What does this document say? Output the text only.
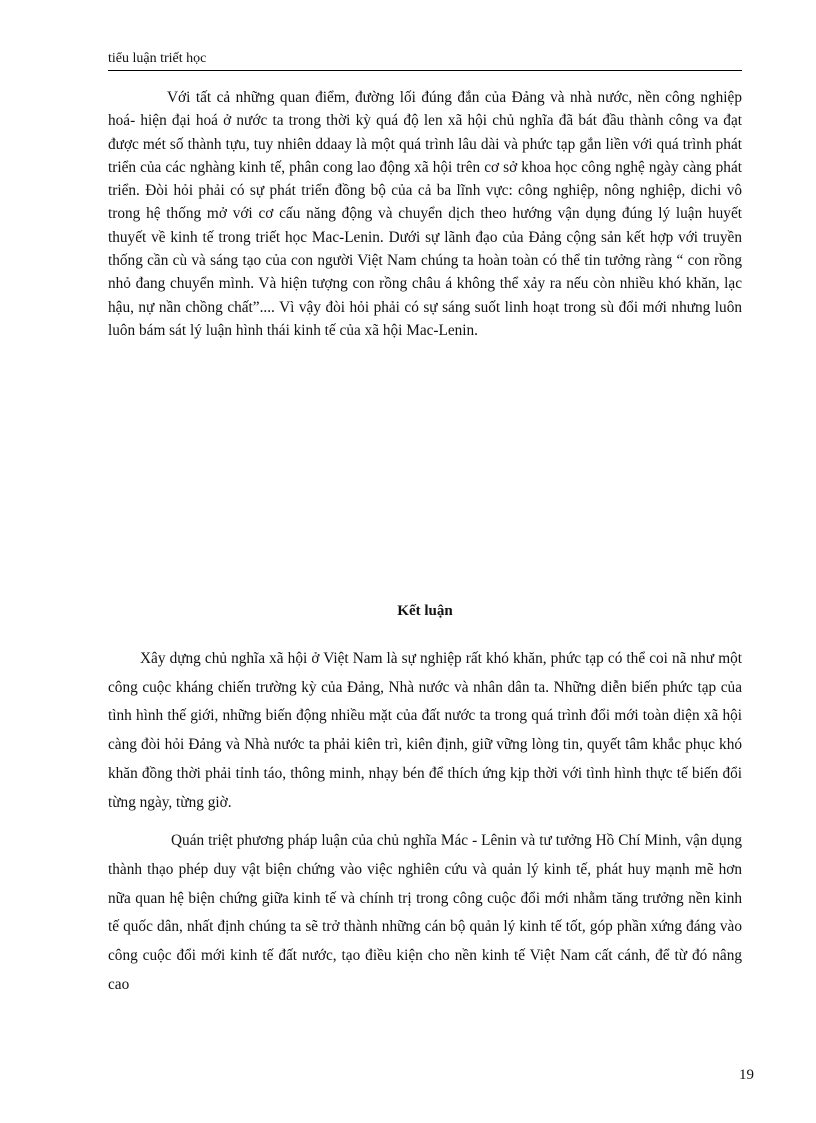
tiểu luận triết học

Với tất cả những quan điểm, đường lối đúng đắn của Đảng và nhà nước, nền công nghiệp hoá- hiện đại hoá ở nước ta trong thời kỳ quá độ len xã hội chủ nghĩa đã bát đầu thành công va đạt được mét số thành tựu, tuy nhiên ddaay là một quá trình lâu dài và phức tạp gắn liền với quá trình phát triển của các nghàng kinh tế, phân cong lao động xã hội trên cơ sở khoa học công nghệ ngày càng phát triển. Đòi hỏi phải có sự phát triển đồng bộ của cả ba lĩnh vực: công nghiệp, nông nghiệp, dichi vô trong hệ thống mở với cơ cấu năng động và chuyển dịch theo hướng vận dụng đúng lý luận huyết thuyết về kinh tế trong triết học Mac-Lenin. Dưới sự lãnh đạo của Đảng cộng sản kết hợp với truyền thống cần cù và sáng tạo của con người Việt Nam chúng ta hoàn toàn có thể tin tưởng ràng “ con rồng nhỏ đang chuyển mình. Và hiện tượng con rồng châu á không thể xảy ra nếu còn nhiều khó khăn, lạc hậu, nự nần chồng chất”.... Vì vậy đòi hỏi phải có sự sáng suốt linh hoạt trong sù đổi mới nhưng luôn luôn bám sát lý luận hình thái kinh tế của xã hội Mac-Lenin.

Kết luận

Xây dựng chủ nghĩa xã hội ở Việt Nam là sự nghiệp rất khó khăn, phức tạp có thể coi nã như một công cuộc kháng chiến trường kỳ của Đảng, Nhà nước và nhân dân ta. Những diễn biến phức tạp của tình hình thế giới, những biến động nhiều mặt của đất nước ta trong quá trình đổi mới toàn diện xã hội càng đòi hỏi Đảng và Nhà nước ta phải kiên trì, kiên định, giữ vững lòng tin, quyết tâm khắc phục khó khăn đồng thời phải tỉnh táo, thông minh, nhạy bén để thích ứng kịp thời với tình hình thực tế biến đổi từng ngày, từng giờ.

Quán triệt phương pháp luận của chủ nghĩa Mác - Lênin và tư tưởng Hồ Chí Minh, vận dụng thành thạo phép duy vật biện chứng vào việc nghiên cứu và quản lý kinh tế, phát huy mạnh mẽ hơn nữa quan hệ biện chứng giữa kinh tế và chính trị trong công cuộc đổi mới nhằm tăng trưởng nền kinh tế quốc dân, nhất định chúng ta sẽ trở thành những cán bộ quản lý kinh tế tốt, góp phần xứng đáng vào công cuộc đổi mới kinh tế đất nước, tạo điều kiện cho nền kinh tế Việt Nam cất cánh, để từ đó nâng cao

19
